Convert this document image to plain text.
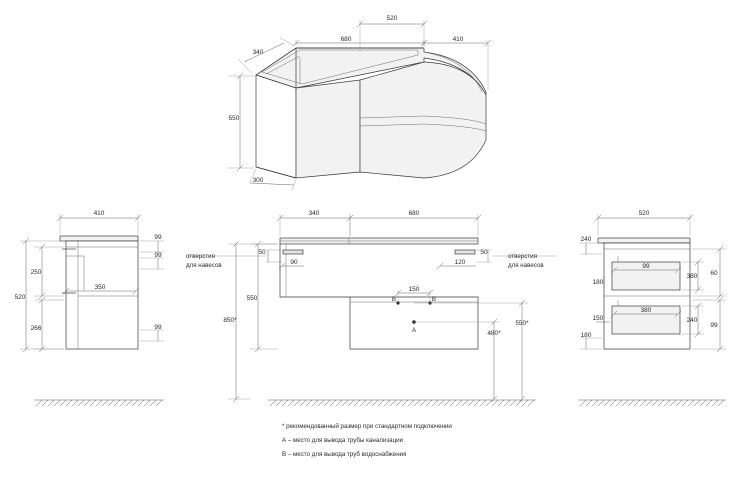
520
340
680	410
550
300
410
99
99
250
520
266
350
99
B	B
A
150
340	680
50	50
90	120
550
850*
480*
550*
отверстия
для навесов
отверстия
для навесов
520
240
99
380
380 60
180
150	240
99
180
* рекомендованный размер при стандартном подключении
А – место для вывода трубы канализации
В – место для вывода труб водоснабжения
